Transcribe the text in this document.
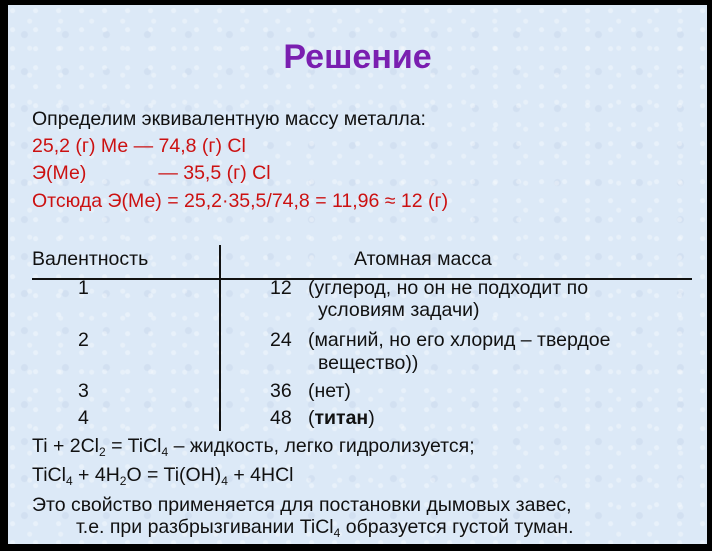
Решение
Определим эквивалентную массу металла:
25,2 (г) Ме — 74,8 (г) Cl
Э(Ме)	— 35,5 (г) Cl
Отсюда Э(Ме) = 25,2·35,5/74,8 = 11,96 ≈ 12 (г)
Валентность	Атомная масса
1	12 (углерод, но он не подходит по
условиям задачи)
2	24 (магний, но его хлорид – твердое
вещество))
3	36 (нет)
4	48 (титан)
$Ti + 2Cl_2$ = TiCl$_4$ – жидкость, легко гидролизуется;
TiCl$_4$ + $4H_2O = Ti(OH)_4 + 4HCl$
Это свойство применяется для постановки дымовых завес,
т.е. при разбрызгивании TiCl$_4$ образуется густой туман.
